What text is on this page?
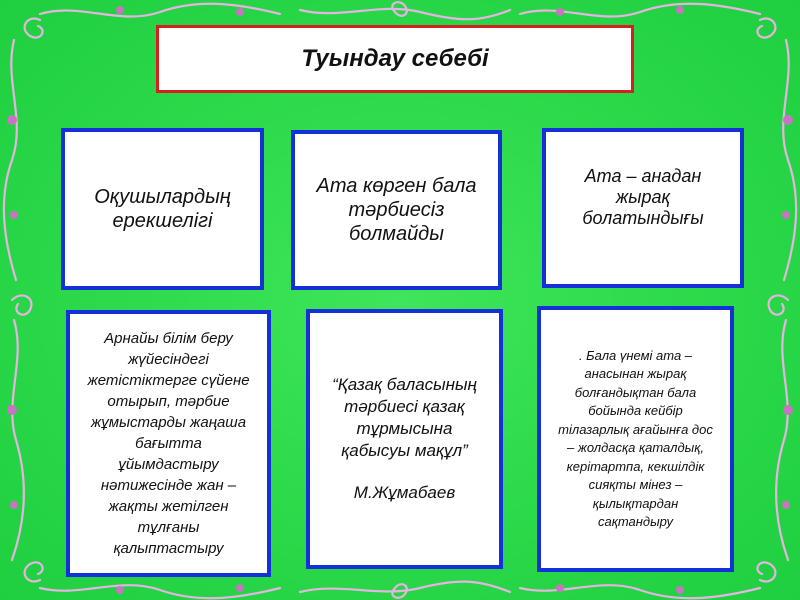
Туындау себебі
Оқушылардың
ерекшелігі
Ата көрген бала
тәрбиесіз
болмайды
Ата – анадан
жырақ
болатындығы
Арнайы білім беру
жүйесіндегі
жетістіктерге сүйене
отырып, тәрбие
жұмыстарды жаңаша
бағытта
ұйымдастыру
нәтижесінде жан –
жақты жетілген
тұлғаны
қалыптастыру
“Қазақ баласының
тәрбиесі қазақ
тұрмысына
қабысуы мақұл”
М.Жұмабаев
. Бала үнемі ата –
анасынан жырақ
болғандықтан бала
бойында кейбір
тілазарлық ағайынға дос
– жолдасқа қаталдық,
керітартпа, кекшілдік
сияқты мінез –
қылықтардан
сақтандыру
